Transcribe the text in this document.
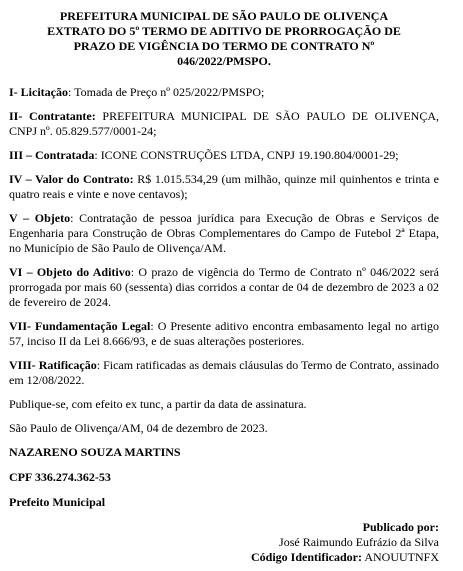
PREFEITURA MUNICIPAL DE SÃO PAULO DE OLIVENÇA
EXTRATO DO 5º TERMO DE ADITIVO DE PRORROGAÇÃO DE
PRAZO DE VIGÊNCIA DO TERMO DE CONTRATO Nº
046/2022/PMSPO.

I- Licitação: Tomada de Preço nº 025/2022/PMSPO;

II- Contratante: PREFEITURA MUNICIPAL DE SÃO PAULO DE OLIVENÇA, CNPJ nº. 05.829.577/0001-24;

III – Contratada: ICONE CONSTRUÇÕES LTDA, CNPJ 19.190.804/0001-29;

IV – Valor do Contrato: R$ 1.015.534,29 (um milhão, quinze mil quinhentos e trinta e quatro reais e vinte e nove centavos);

V – Objeto: Contratação de pessoa jurídica para Execução de Obras e Serviços de Engenharia para Construção de Obras Complementares do Campo de Futebol 2ª Etapa, no Município de São Paulo de Olivença/AM.

VI – Objeto do Aditivo: O prazo de vigência do Termo de Contrato nº 046/2022 será prorrogada por mais 60 (sessenta) dias corridos a contar de 04 de dezembro de 2023 a 02 de fevereiro de 2024.

VII- Fundamentação Legal: O Presente aditivo encontra embasamento legal no artigo 57, inciso II da Lei 8.666/93, e de suas alterações posteriores.

VIII- Ratificação: Ficam ratificadas as demais cláusulas do Termo de Contrato, assinado em 12/08/2022.

Publique-se, com efeito ex tunc, a partir da data de assinatura.

São Paulo de Olivença/AM, 04 de dezembro de 2023.

NAZARENO SOUZA MARTINS

CPF 336.274.362-53

Prefeito Municipal

Publicado por:
José Raimundo Eufrázio da Silva
Código Identificador: ANOUUTNFX
